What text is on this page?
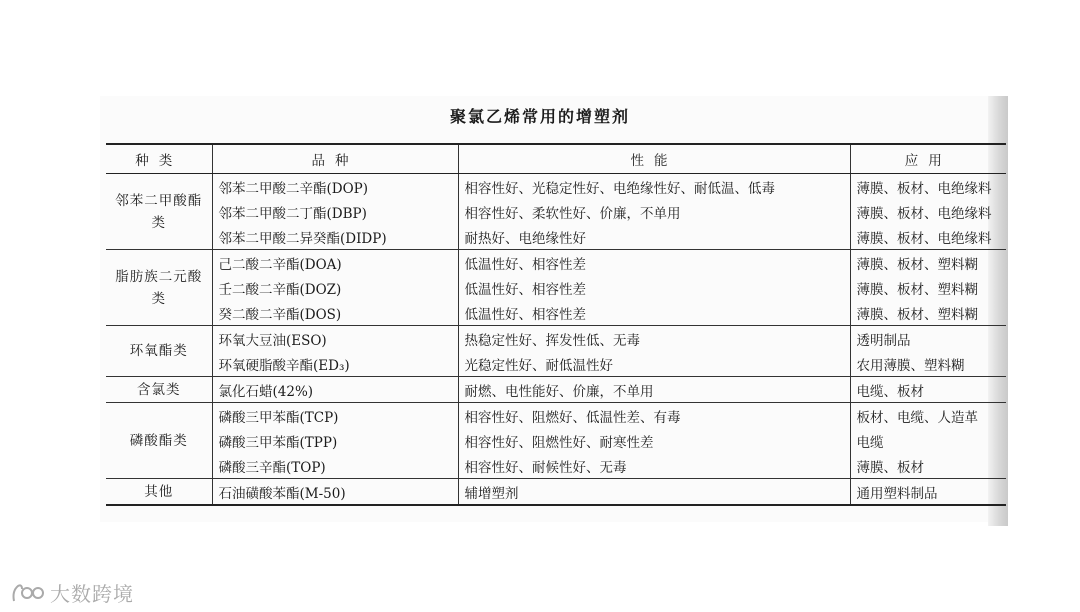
聚氯乙烯常用的增塑剂
种类	品种	性能	应用
邻苯二甲酸酯类	邻苯二甲酸二辛酯(DOP)	相容性好、光稳定性好、电绝缘性好、耐低温、低毒	薄膜、板材、电绝缘料
	邻苯二甲酸二丁酯(DBP)	相容性好、柔软性好、价廉，不单用	薄膜、板材、电绝缘料
	邻苯二甲酸二异癸酯(DIDP)	耐热好、电绝缘性好	薄膜、板材、电绝缘料
脂肪族二元酸类	己二酸二辛酯(DOA)	低温性好、相容性差	薄膜、板材、塑料糊
	壬二酸二辛酯(DOZ)	低温性好、相容性差	薄膜、板材、塑料糊
	癸二酸二辛酯(DOS)	低温性好、相容性差	薄膜、板材、塑料糊
环氧酯类	环氧大豆油(ESO)	热稳定性好、挥发性低、无毒	透明制品
	环氧硬脂酸辛酯(ED₃)	光稳定性好、耐低温性好	农用薄膜、塑料糊
含氯类	氯化石蜡(42%)	耐燃、电性能好、价廉，不单用	电缆、板材
磷酸酯类	磷酸三甲苯酯(TCP)	相容性好、阻燃好、低温性差、有毒	板材、电缆、人造革
	磷酸三甲苯酯(TPP)	相容性好、阻燃性好、耐寒性差	电缆
	磷酸三辛酯(TOP)	相容性好、耐候性好、无毒	薄膜、板材
其他	石油磺酸苯酯(M-50)	辅增塑剂	通用塑料制品
大数跨境
